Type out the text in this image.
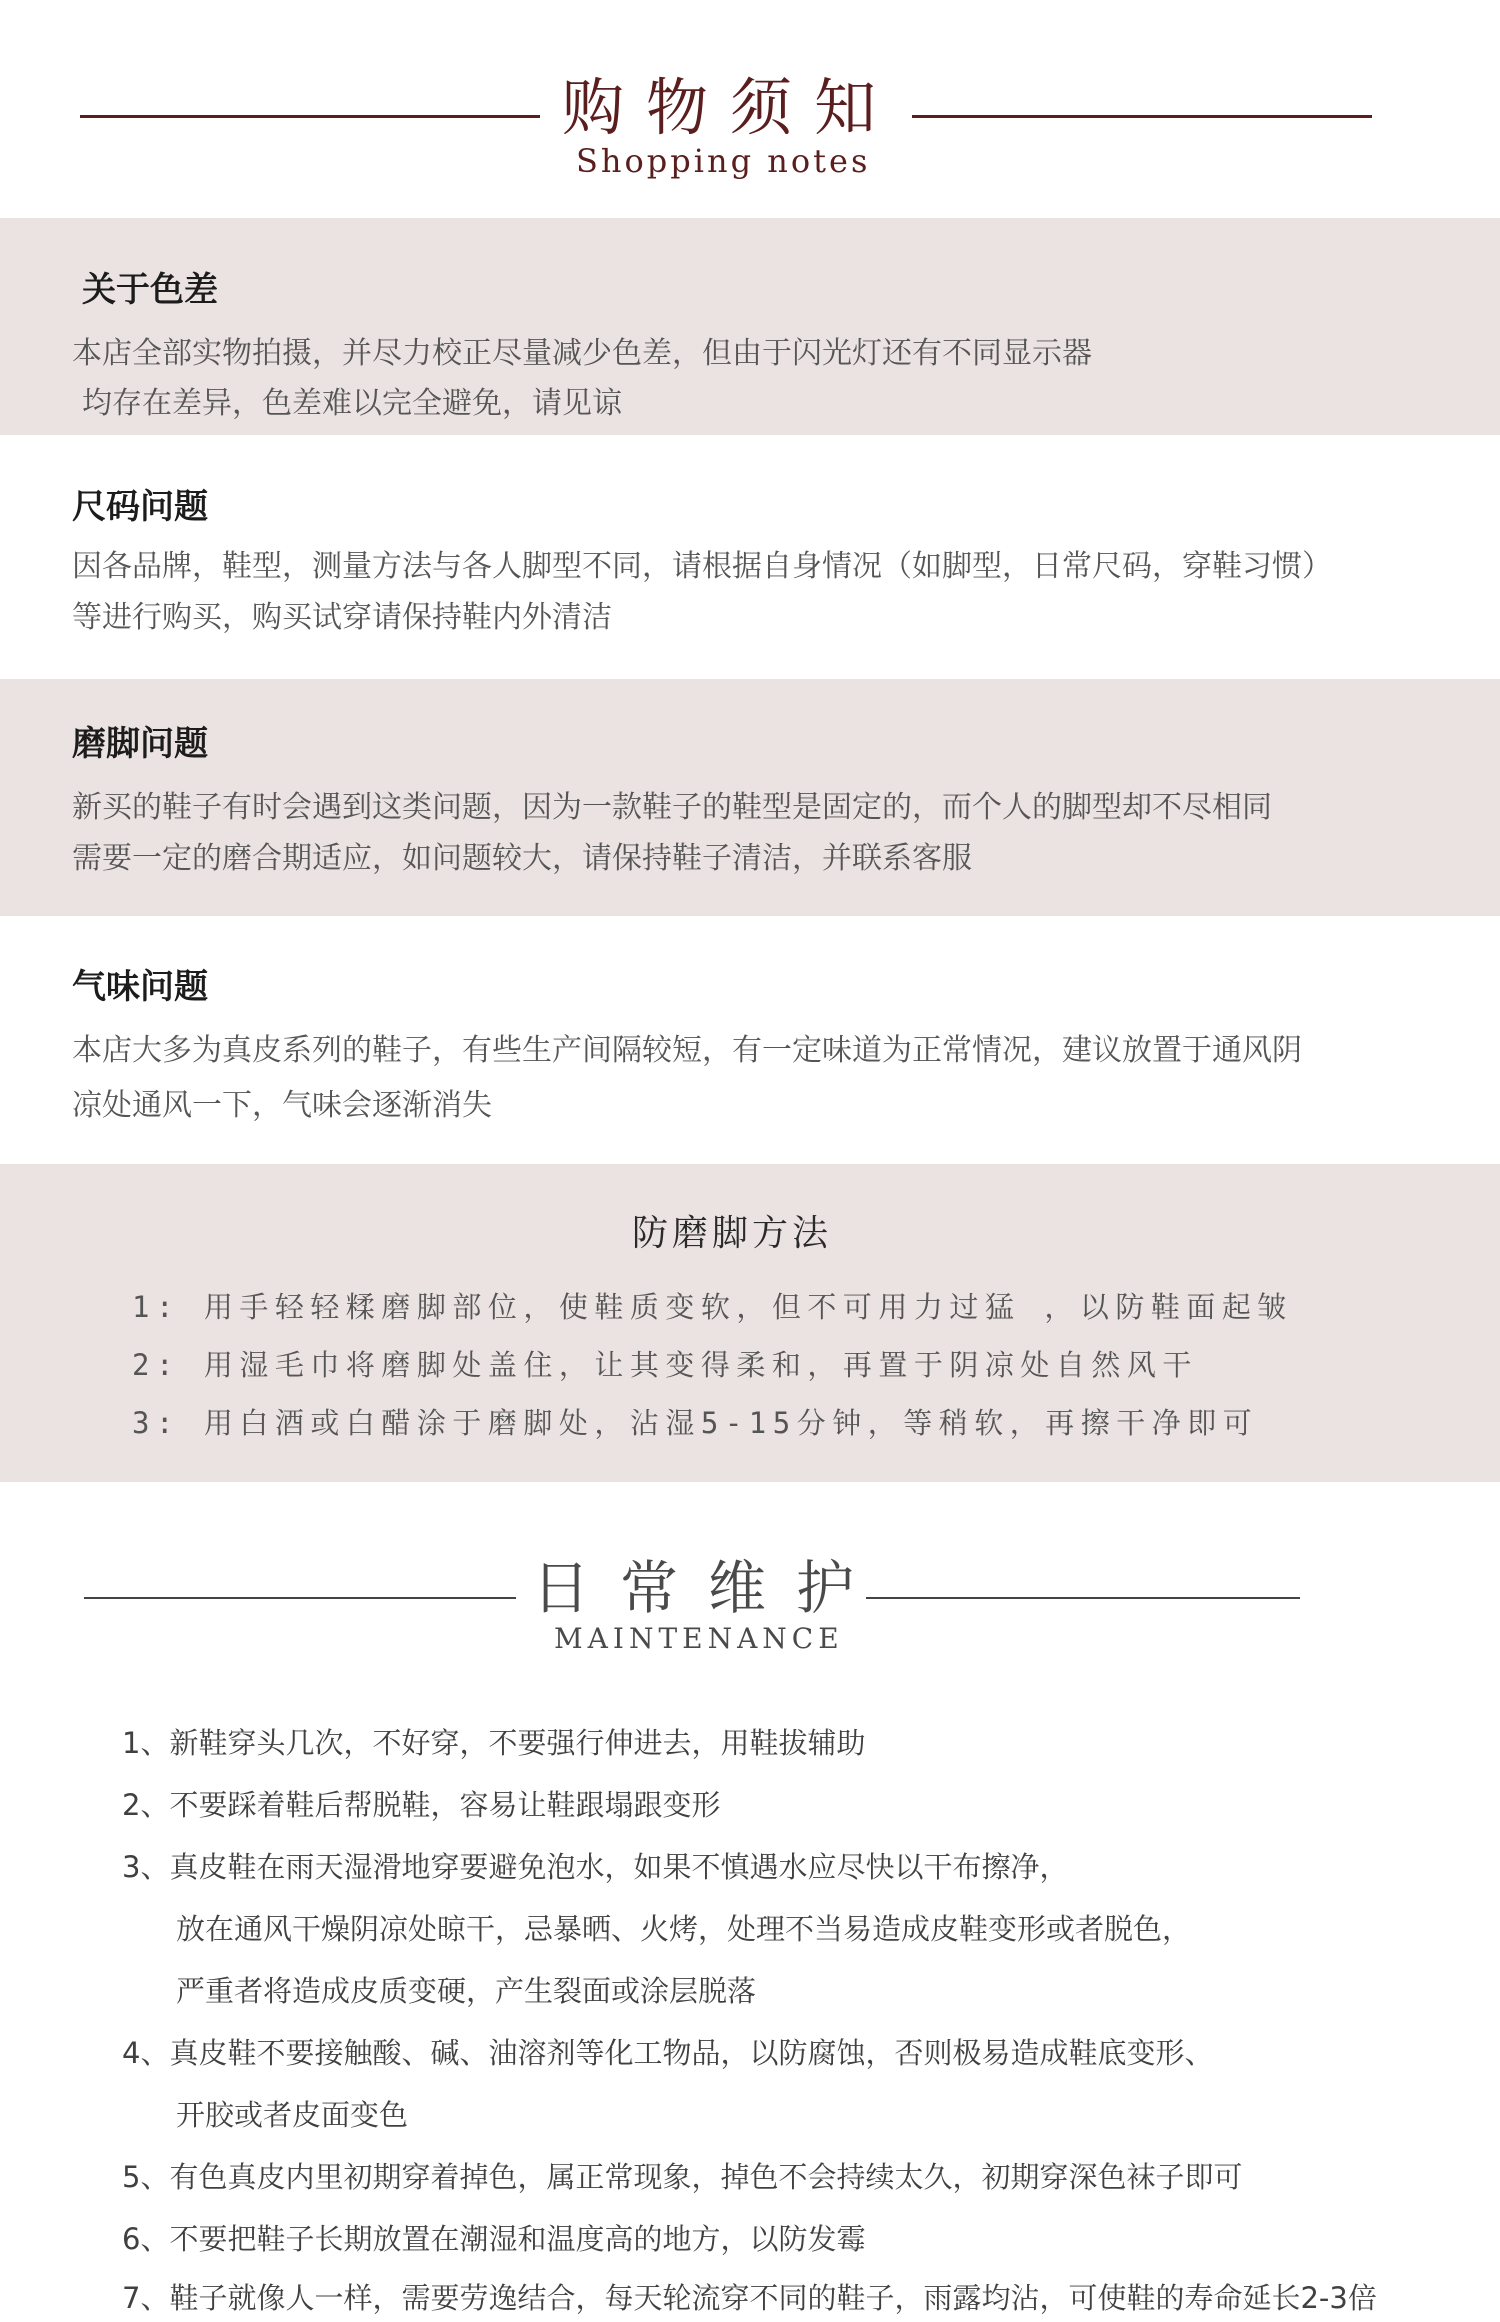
购物须知
Shopping notes
关于色差
本店全部实物拍摄，并尽力校正尽量减少色差，但由于闪光灯还有不同显示器
均存在差异，色差难以完全避免，请见谅
尺码问题
因各品牌，鞋型，测量方法与各人脚型不同，请根据自身情况（如脚型，日常尺码，穿鞋习惯）
等进行购买，购买试穿请保持鞋内外清洁
磨脚问题
新买的鞋子有时会遇到这类问题，因为一款鞋子的鞋型是固定的，而个人的脚型却不尽相同
需要一定的磨合期适应，如问题较大，请保持鞋子清洁，并联系客服
气味问题
本店大多为真皮系列的鞋子，有些生产间隔较短，有一定味道为正常情况，建议放置于通风阴
凉处通风一下，气味会逐渐消失
防磨脚方法
1: 用手轻轻糅磨脚部位，使鞋质变软，但不可用力过猛 ，以防鞋面起皱
2: 用湿毛巾将磨脚处盖住，让其变得柔和，再置于阴凉处自然风干
3: 用白酒或白醋涂于磨脚处，沾湿5-15分钟，等稍软，再擦干净即可
日常维护
MAINTENANCE
1、新鞋穿头几次，不好穿，不要强行伸进去，用鞋拔辅助
2、不要踩着鞋后帮脱鞋，容易让鞋跟塌跟变形
3、真皮鞋在雨天湿滑地穿要避免泡水，如果不慎遇水应尽快以干布擦净，
放在通风干燥阴凉处晾干，忌暴晒、火烤，处理不当易造成皮鞋变形或者脱色，
严重者将造成皮质变硬，产生裂面或涂层脱落
4、真皮鞋不要接触酸、碱、油溶剂等化工物品，以防腐蚀，否则极易造成鞋底变形、
开胶或者皮面变色
5、有色真皮内里初期穿着掉色，属正常现象，掉色不会持续太久，初期穿深色袜子即可
6、不要把鞋子长期放置在潮湿和温度高的地方，以防发霉
7、鞋子就像人一样，需要劳逸结合，每天轮流穿不同的鞋子，雨露均沾，可使鞋的寿命延长2-3倍
